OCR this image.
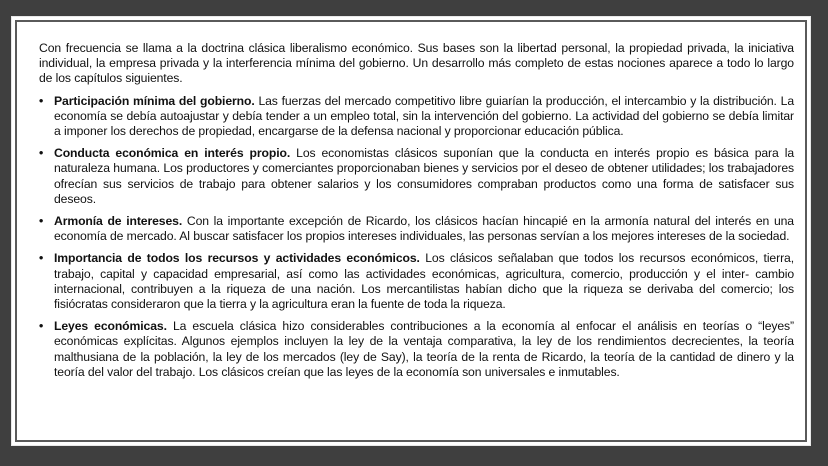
Con frecuencia se llama a la doctrina clásica liberalismo económico. Sus bases son la libertad personal, la propiedad privada, la iniciativa individual, la empresa privada y la interferencia mínima del gobierno. Un desarrollo más completo de estas nociones aparece a todo lo largo de los capítulos siguientes.

• Participación mínima del gobierno. Las fuerzas del mercado competitivo libre guiarían la producción, el intercambio y la distribución. La economía se debía autoajustar y debía tender a un empleo total, sin la intervención del gobierno. La actividad del gobierno se debía limitar a imponer los derechos de propiedad, encargarse de la defensa nacional y proporcionar educación pública.
• Conducta económica en interés propio. Los economistas clásicos suponían que la conducta en interés propio es básica para la naturaleza humana. Los productores y comerciantes proporcionaban bienes y servicios por el deseo de obtener utilidades; los trabajadores ofrecían sus servicios de trabajo para obtener salarios y los consumidores compraban productos como una forma de satisfacer sus deseos.
• Armonía de intereses. Con la importante excepción de Ricardo, los clásicos hacían hincapié en la armonía natural del interés en una economía de mercado. Al buscar satisfacer los propios intereses individuales, las personas servían a los mejores intereses de la sociedad.
• Importancia de todos los recursos y actividades económicos. Los clásicos señalaban que todos los recursos económicos, tierra, trabajo, capital y capacidad empresarial, así como las actividades económicas, agricultura, comercio, producción y el inter- cambio internacional, contribuyen a la riqueza de una nación. Los mercantilistas habían dicho que la riqueza se derivaba del comercio; los fisiócratas consideraron que la tierra y la agricultura eran la fuente de toda la riqueza.
• Leyes económicas. La escuela clásica hizo considerables contribuciones a la economía al enfocar el análisis en teorías o “leyes” económicas explícitas. Algunos ejemplos incluyen la ley de la ventaja comparativa, la ley de los rendimientos decrecientes, la teoría malthusiana de la población, la ley de los mercados (ley de Say), la teoría de la renta de Ricardo, la teoría de la cantidad de dinero y la teoría del valor del trabajo. Los clásicos creían que las leyes de la economía son universales e inmutables.
